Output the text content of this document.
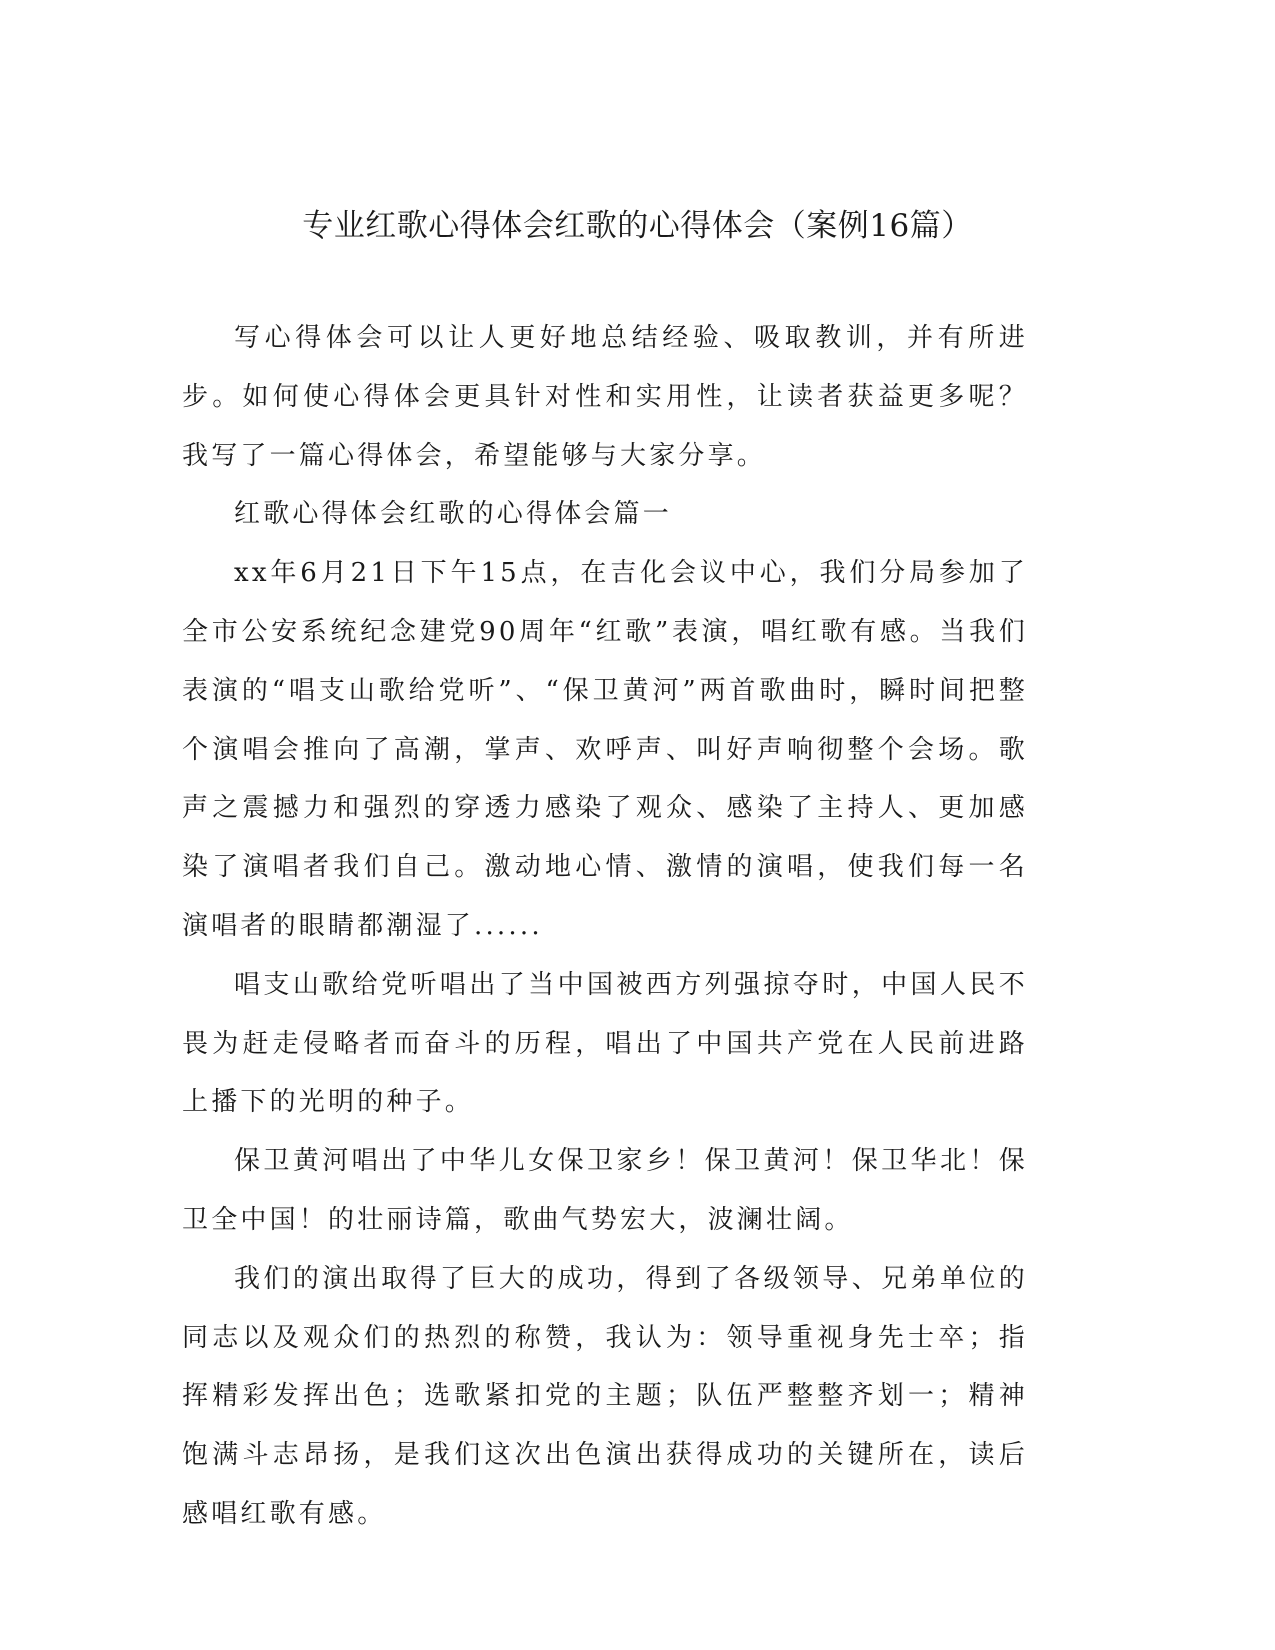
专业红歌心得体会红歌的心得体会（案例16篇）

写心得体会可以让人更好地总结经验、吸取教训，并有所进步。如何使心得体会更具针对性和实用性，让读者获益更多呢？我写了一篇心得体会，希望能够与大家分享。

红歌心得体会红歌的心得体会篇一

xx年6月21日下午15点，在吉化会议中心，我们分局参加了全市公安系统纪念建党90周年“红歌”表演，唱红歌有感。当我们表演的“唱支山歌给党听”、“保卫黄河”两首歌曲时，瞬时间把整个演唱会推向了高潮，掌声、欢呼声、叫好声响彻整个会场。歌声之震撼力和强烈的穿透力感染了观众、感染了主持人、更加感染了演唱者我们自己。激动地心情、激情的演唱，使我们每一名演唱者的眼睛都潮湿了......

唱支山歌给党听唱出了当中国被西方列强掠夺时，中国人民不畏为赶走侵略者而奋斗的历程，唱出了中国共产党在人民前进路上播下的光明的种子。

保卫黄河唱出了中华儿女保卫家乡！保卫黄河！保卫华北！保卫全中国！的壮丽诗篇，歌曲气势宏大，波澜壮阔。

我们的演出取得了巨大的成功，得到了各级领导、兄弟单位的同志以及观众们的热烈的称赞，我认为：领导重视身先士卒；指挥精彩发挥出色；选歌紧扣党的主题；队伍严整整齐划一；精神饱满斗志昂扬，是我们这次出色演出获得成功的关键所在，读后感唱红歌有感。
